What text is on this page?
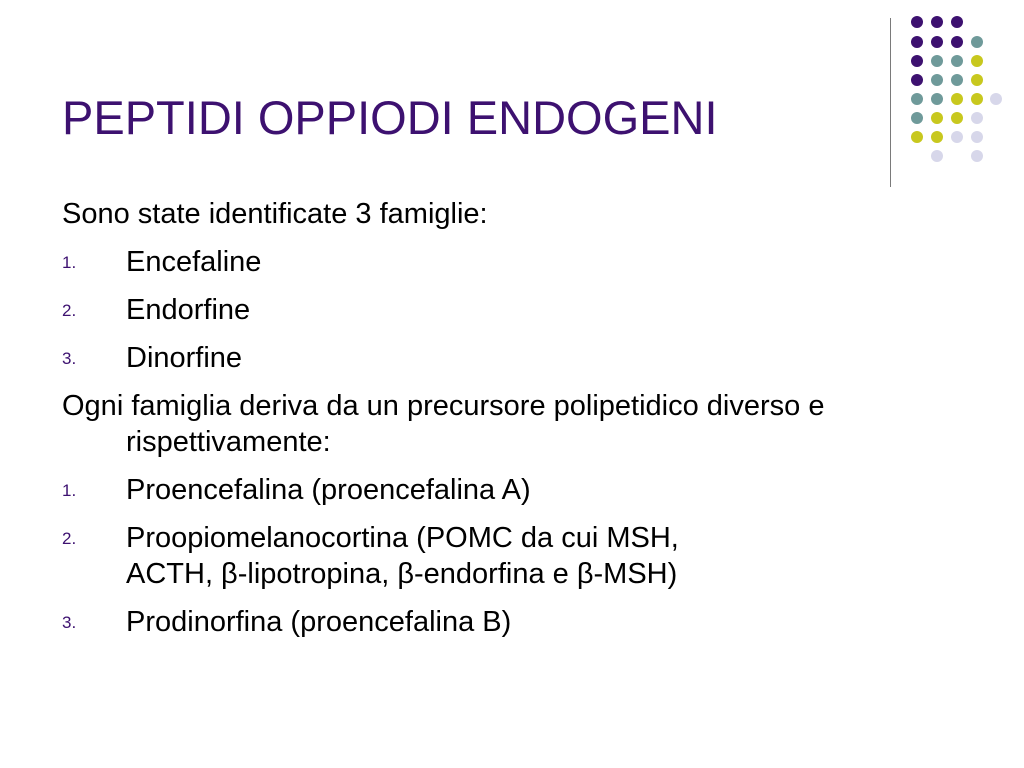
PEPTIDI OPPIODI ENDOGENI
Sono state identificate 3 famiglie:
1. Encefaline
2. Endorfine
3. Dinorfine
Ogni famiglia deriva da un precursore polipetidico diverso e rispettivamente:
1. Proencefalina (proencefalina A)
2. Proopiomelanocortina (POMC da cui MSH,
ACTH, β-lipotropina, β-endorfina e β-MSH)
3. Prodinorfina (proencefalina B)
